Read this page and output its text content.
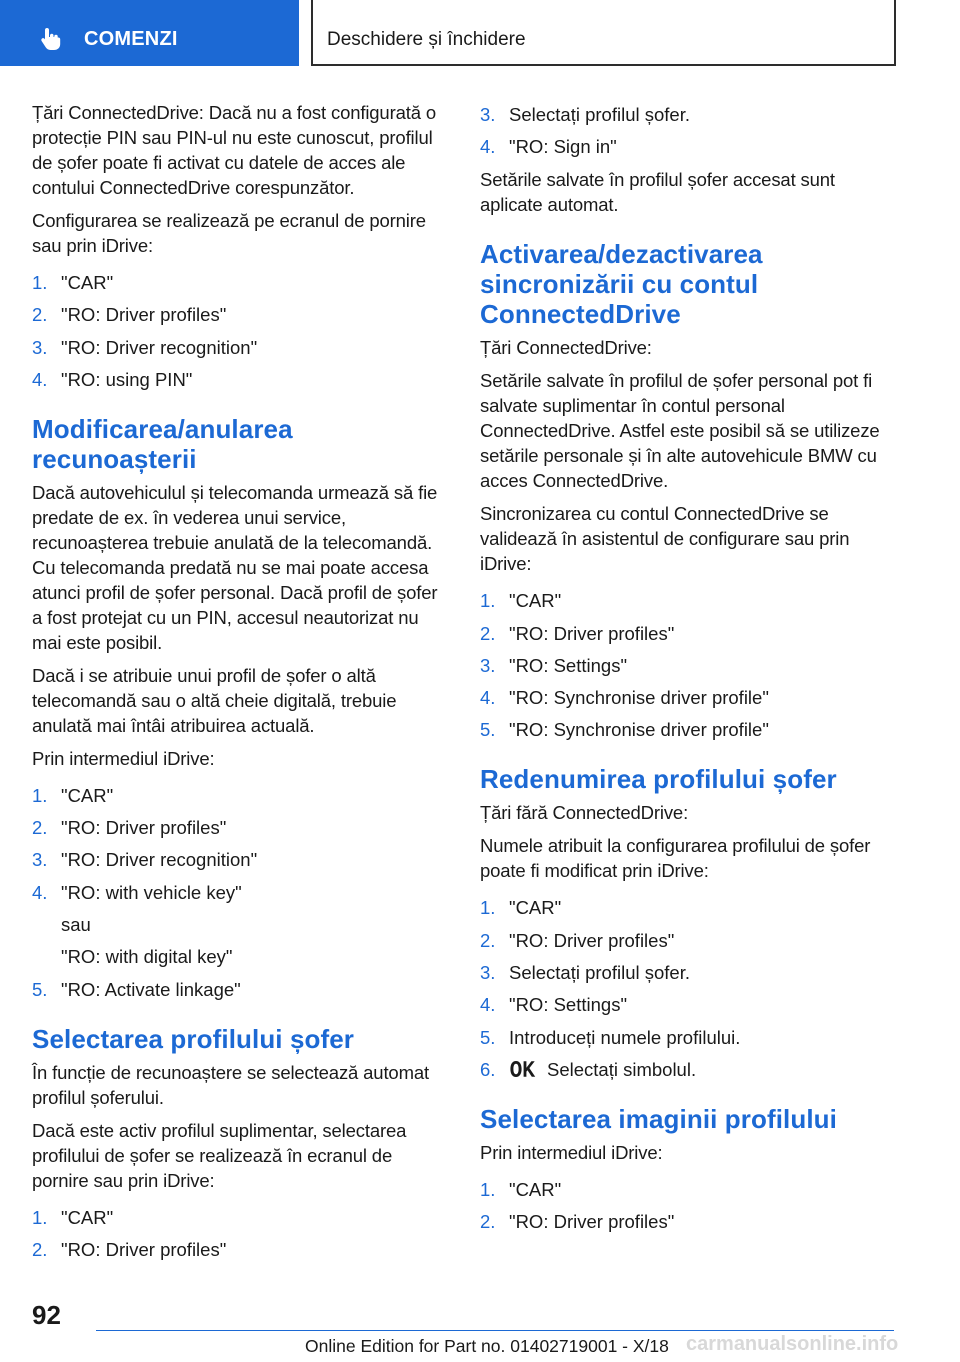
COMENZI	Deschidere și închidere

Țări ConnectedDrive: Dacă nu a fost configurată o protecție PIN sau PIN-ul nu este cunoscut, profilul de șofer poate fi activat cu datele de acces ale contului ConnectedDrive corespunzător.

Configurarea se realizează pe ecranul de pornire sau prin iDrive:

1. "CAR"
2. "RO: Driver profiles"
3. "RO: Driver recognition"
4. "RO: using PIN"
Modificarea/anularea recunoașterii

Dacă autovehiculul și telecomanda urmează să fie predate de ex. în vederea unui service, recunoașterea trebuie anulată de la telecomandă. Cu telecomanda predată nu se mai poate accesa atunci profil de șofer personal. Dacă profil de șofer a fost protejat cu un PIN, accesul neautorizat nu mai este posibil.

Dacă i se atribuie unui profil de șofer o altă telecomandă sau o altă cheie digitală, trebuie anulată mai întâi atribuirea actuală.

Prin intermediul iDrive:

1. "CAR"
2. "RO: Driver profiles"
3. "RO: Driver recognition"
4. "RO: with vehicle key"
sau
"RO: with digital key"
5. "RO: Activate linkage"
Selectarea profilului șofer

În funcție de recunoaștere se selectează automat profilul șoferului.

Dacă este activ profilul suplimentar, selectarea profilului de șofer se realizează în ecranul de pornire sau prin iDrive:

1. "CAR"
2. "RO: Driver profiles"
3. Selectați profilul șofer.
4. "RO: Sign in"

Setările salvate în profilul șofer accesat sunt aplicate automat.

Activarea/dezactivarea sincronizării cu contul ConnectedDrive

Țări ConnectedDrive:

Setările salvate în profilul de șofer personal pot fi salvate suplimentar în contul personal ConnectedDrive. Astfel este posibil să se utilizeze setările personale și în alte autovehicule BMW cu acces ConnectedDrive.

Sincronizarea cu contul ConnectedDrive se validează în asistentul de configurare sau prin iDrive:

1. "CAR"
2. "RO: Driver profiles"
3. "RO: Settings"
4. "RO: Synchronise driver profile"
5. "RO: Synchronise driver profile"
Redenumirea profilului șofer

Țări fără ConnectedDrive:

Numele atribuit la configurarea profilului de șofer poate fi modificat prin iDrive:

1. "CAR"
2. "RO: Driver profiles"
3. Selectați profilul șofer.
4. "RO: Settings"
5. Introduceți numele profilului.
6.	Selectați simbolul.
Selectarea imaginii profilului

Prin intermediul iDrive:

1. "CAR"
2. "RO: Driver profiles"
92
carmanualsonline.info
Online Edition for Part no. 01402719001 - X/18
